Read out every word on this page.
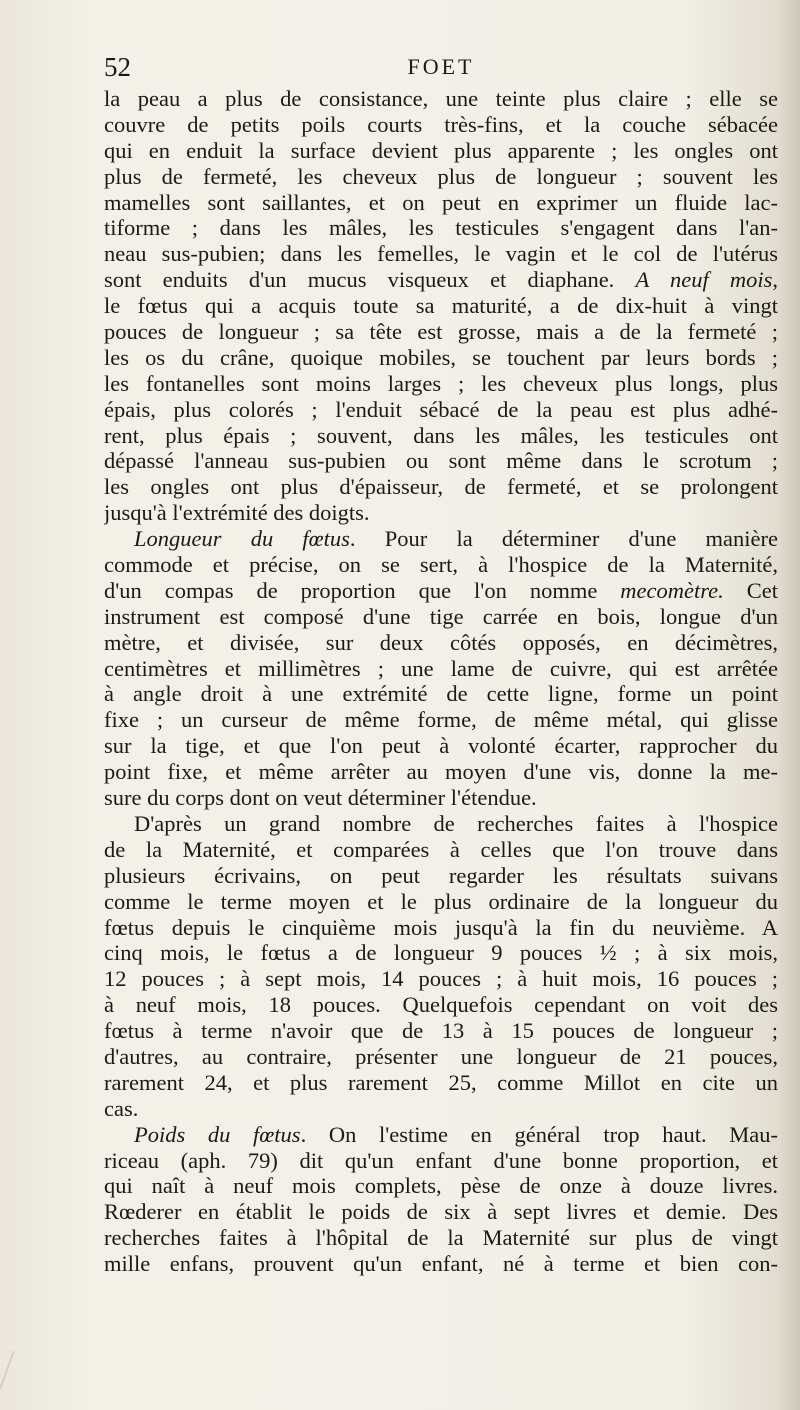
52	FOET
la peau a plus de consistance, une teinte plus claire ; elle se
couvre de petits poils courts très-fins, et la couche sébacée
qui en enduit la surface devient plus apparente ; les ongles ont
plus de fermeté, les cheveux plus de longueur ; souvent les
mamelles sont saillantes, et on peut en exprimer un fluide lac-
tiforme ; dans les mâles, les testicules s'engagent dans l'an-
neau sus-pubien; dans les femelles, le vagin et le col de l'utérus
sont enduits d'un mucus visqueux et diaphane. A neuf mois,
le fœtus qui a acquis toute sa maturité, a de dix-huit à vingt
pouces de longueur ; sa tête est grosse, mais a de la fermeté ;
les os du crâne, quoique mobiles, se touchent par leurs bords ;
les fontanelles sont moins larges ; les cheveux plus longs, plus
épais, plus colorés ; l'enduit sébacé de la peau est plus adhé-
rent, plus épais ; souvent, dans les mâles, les testicules ont
dépassé l'anneau sus-pubien ou sont même dans le scrotum ;
les ongles ont plus d'épaisseur, de fermeté, et se prolongent
jusqu'à l'extrémité des doigts.
Longueur du fœtus. Pour la déterminer d'une manière
commode et précise, on se sert, à l'hospice de la Maternité,
d'un compas de proportion que l'on nomme mecomètre. Cet
instrument est composé d'une tige carrée en bois, longue d'un
mètre, et divisée, sur deux côtés opposés, en décimètres,
centimètres et millimètres ; une lame de cuivre, qui est arrêtée
à angle droit à une extrémité de cette ligne, forme un point
fixe ; un curseur de même forme, de même métal, qui glisse
sur la tige, et que l'on peut à volonté écarter, rapprocher du
point fixe, et même arrêter au moyen d'une vis, donne la me-
sure du corps dont on veut déterminer l'étendue.
D'après un grand nombre de recherches faites à l'hospice
de la Maternité, et comparées à celles que l'on trouve dans
plusieurs écrivains, on peut regarder les résultats suivans
comme le terme moyen et le plus ordinaire de la longueur du
fœtus depuis le cinquième mois jusqu'à la fin du neuvième. A
cinq mois, le fœtus a de longueur 9 pouces ½ ; à six mois,
12 pouces ; à sept mois, 14 pouces ; à huit mois, 16 pouces ;
à neuf mois, 18 pouces. Quelquefois cependant on voit des
fœtus à terme n'avoir que de 13 à 15 pouces de longueur ;
d'autres, au contraire, présenter une longueur de 21 pouces,
rarement 24, et plus rarement 25, comme Millot en cite un
cas.
Poids du fœtus. On l'estime en général trop haut. Mau-
riceau (aph. 79) dit qu'un enfant d'une bonne proportion, et
qui naît à neuf mois complets, pèse de onze à douze livres.
Rœderer en établit le poids de six à sept livres et demie. Des
recherches faites à l'hôpital de la Maternité sur plus de vingt
mille enfans, prouvent qu'un enfant, né à terme et bien con-
